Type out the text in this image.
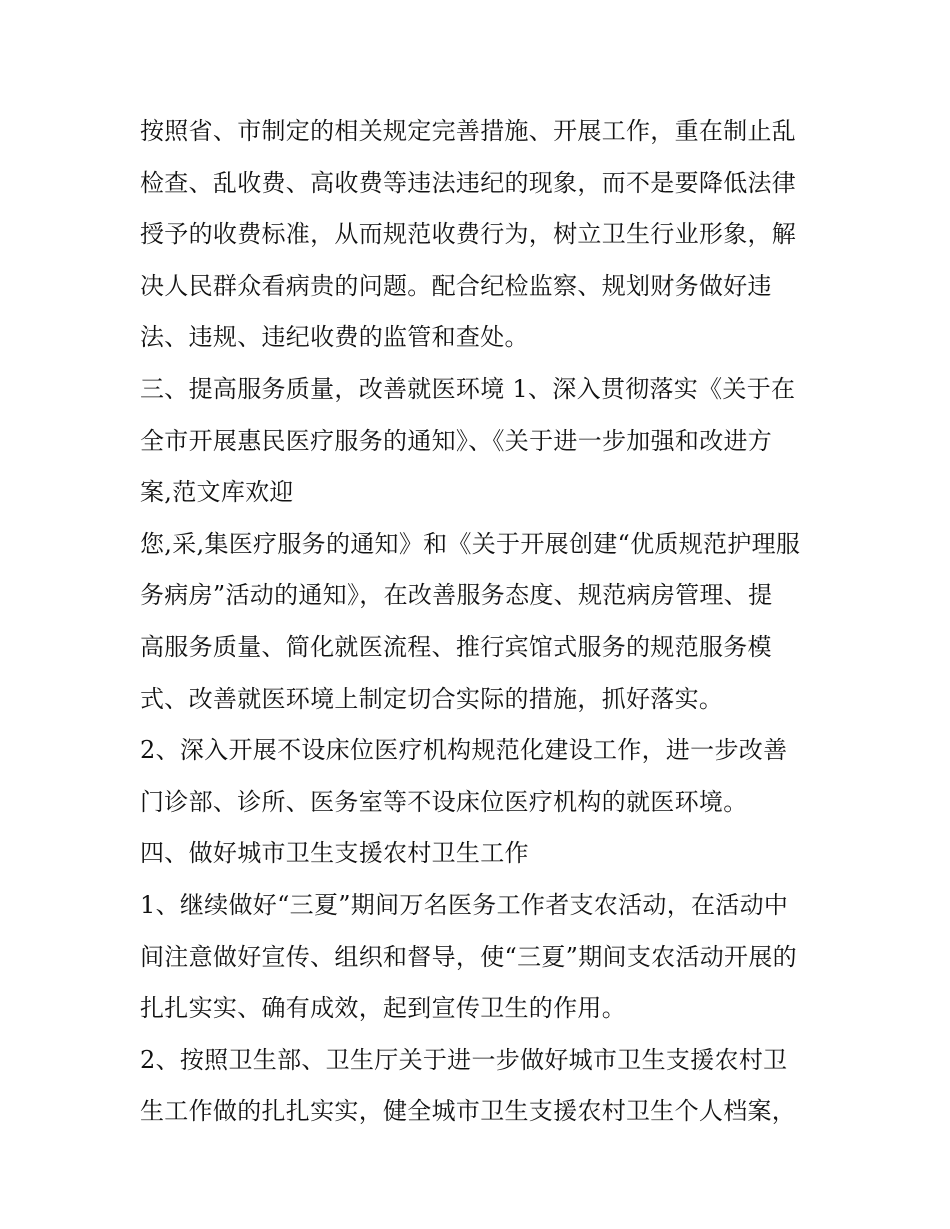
按照省、市制定的相关规定完善措施、开展工作，重在制止乱
检查、乱收费、高收费等违法违纪的现象，而不是要降低法律
授予的收费标准，从而规范收费行为，树立卫生行业形象，解
决人民群众看病贵的问题。配合纪检监察、规划财务做好违
法、违规、违纪收费的监管和查处。
三、提高服务质量，改善就医环境 1、深入贯彻落实《关于在
全市开展惠民医疗服务的通知》、《关于进一步加强和改进方
案,范文库欢迎
您,采,集医疗服务的通知》和《关于开展创建“优质规范护理服
务病房”活动的通知》，在改善服务态度、规范病房管理、提
高服务质量、简化就医流程、推行宾馆式服务的规范服务模
式、改善就医环境上制定切合实际的措施，抓好落实。
2、深入开展不设床位医疗机构规范化建设工作，进一步改善
门诊部、诊所、医务室等不设床位医疗机构的就医环境。
四、做好城市卫生支援农村卫生工作
1、继续做好“三夏”期间万名医务工作者支农活动，在活动中
间注意做好宣传、组织和督导，使“三夏”期间支农活动开展的
扎扎实实、确有成效，起到宣传卫生的作用。
2、按照卫生部、卫生厅关于进一步做好城市卫生支援农村卫
生工作做的扎扎实实，健全城市卫生支援农村卫生个人档案，
